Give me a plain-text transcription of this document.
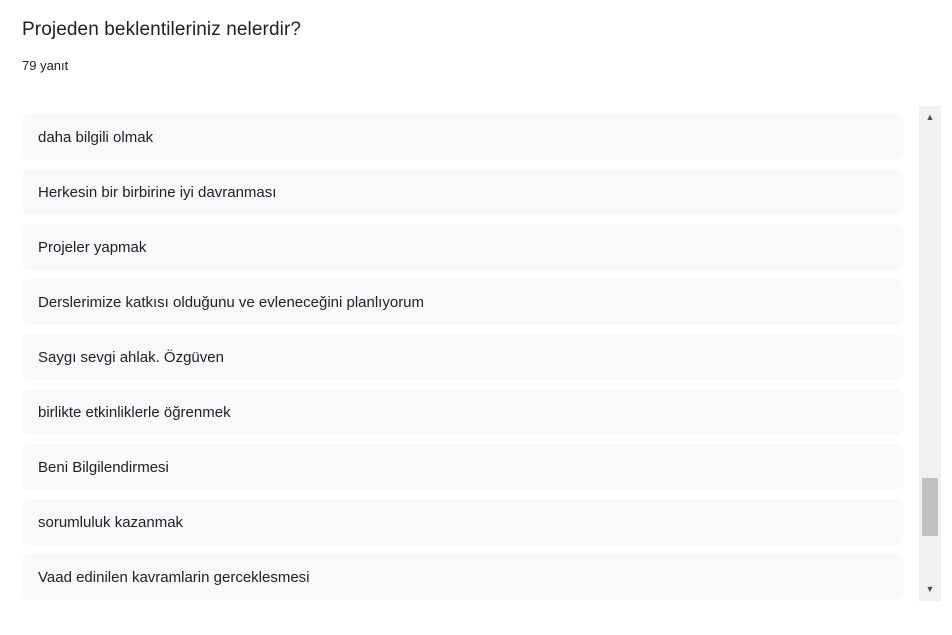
Projeden beklentileriniz nelerdir?
79 yanıt
daha bilgili olmak
Herkesin bir birbirine iyi davranması
Projeler yapmak
Derslerimize katkısı olduğunu ve evleneceğini planlıyorum
Saygı sevgi ahlak. Özgüven
birlikte etkinliklerle öğrenmek
Beni Bilgilendirmesi
sorumluluk kazanmak
Vaad edinilen kavramlarin gerceklesmesi
▲
▼
